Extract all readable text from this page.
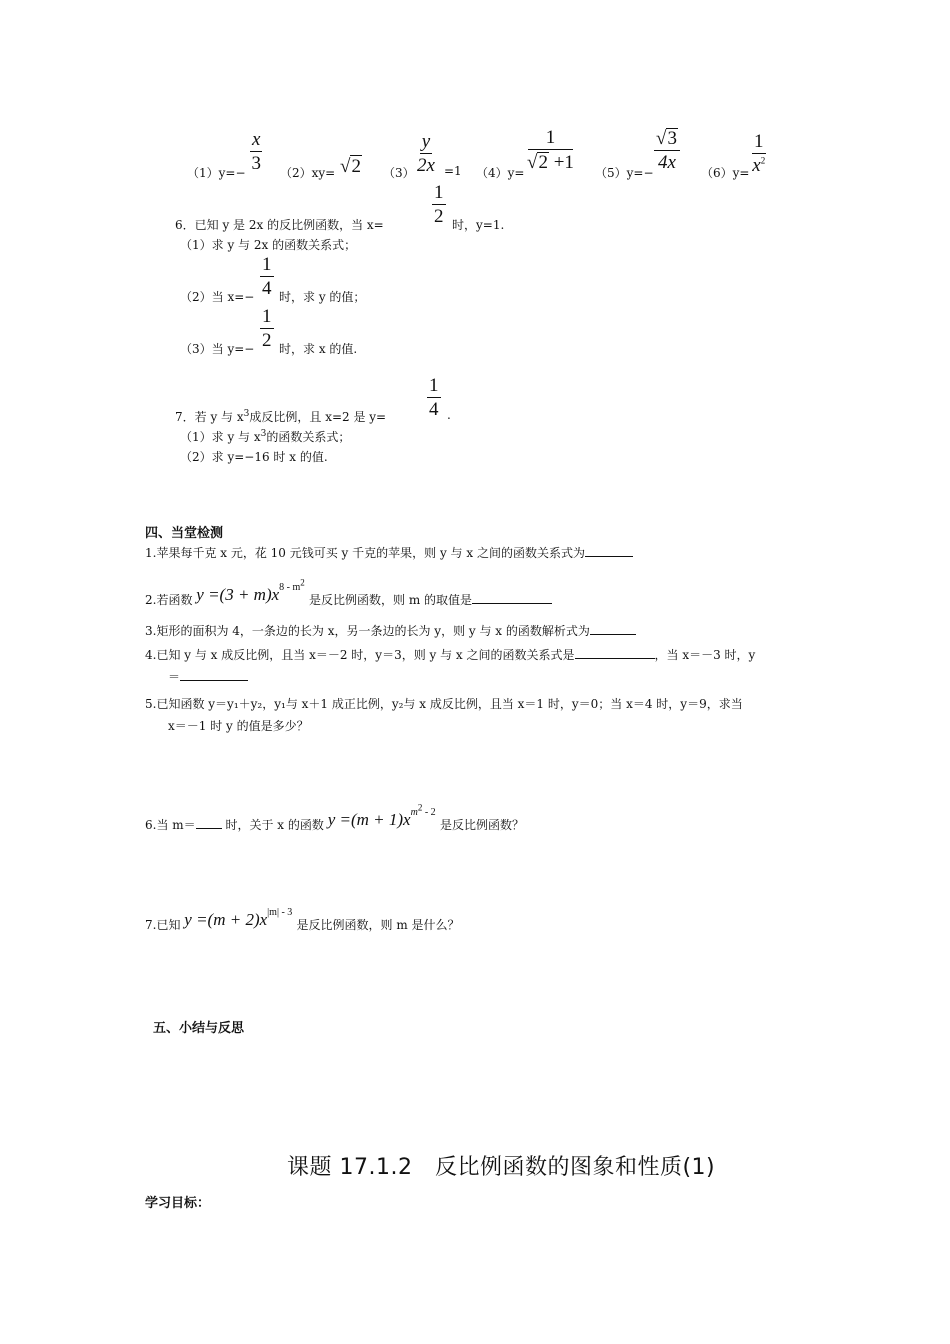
$(1)y=- \frac{x}{3} (2)xy=$ √ 2 $(3) \frac{y}{2x} =1$ （4）y=
$\frac{1}{√ 2 +1}$
（5）y=−
$\frac{√ 3}{4x}$
$(6)y= \frac{1}{x^2}$
6．已知 y 是 2x 的反比例函数，当 x=	$\frac{1}{2}$ 时，y=1.
（1）求 y 与 2x 的函数关系式；
（2）当 $x=- \frac{1}{4}$ 时，求 y 的值；
（3）当 $y=- \frac{1}{2}$ 时，求 x 的值.
7．若 y 与 $x^3$成反比例，且 x=2 是 $y= \frac{1}{4}$ .
（1）求 y 与 $x^3$的函数关系式；
（2）求 y=−16 时 x 的值.
四、当堂检测
1.苹果每千克 x 元，花 10 元钱可买 y 千克的苹果，则 y 与 x 之间的函数关系式为
2.若函数 $y =(3 + m)x^{8 - m^2}$ 是反比例函数，则 m 的取值是
3.矩形的面积为 4，一条边的长为 x，另一条边的长为 y，则 y 与 x 的函数解析式为
4.已知 y 与 x 成反比例，且当 x＝－2 时，y＝3，则 y 与 x 之间的函数关系式是	，当 x＝－3 时，y
＝
5.已知函数 y＝y₁＋y₂，y₁与 x＋1 成正比例，y₂与 x 成反比例，且当 x＝1 时，y＝0；当 x＝4 时，y＝9，求当
x＝－1 时 y 的值是多少？
6.当 m＝ 时，关于 x 的函数 $y =(m + 1)x^{m^2 - 2}$ 是反比例函数？
7.已知 $y =(m + 2)x^{|m| - 3}$ 是反比例函数，则 m 是什么？
五、小结与反思
课题 17.1.2　反比例函数的图象和性质(1)
学习目标：
